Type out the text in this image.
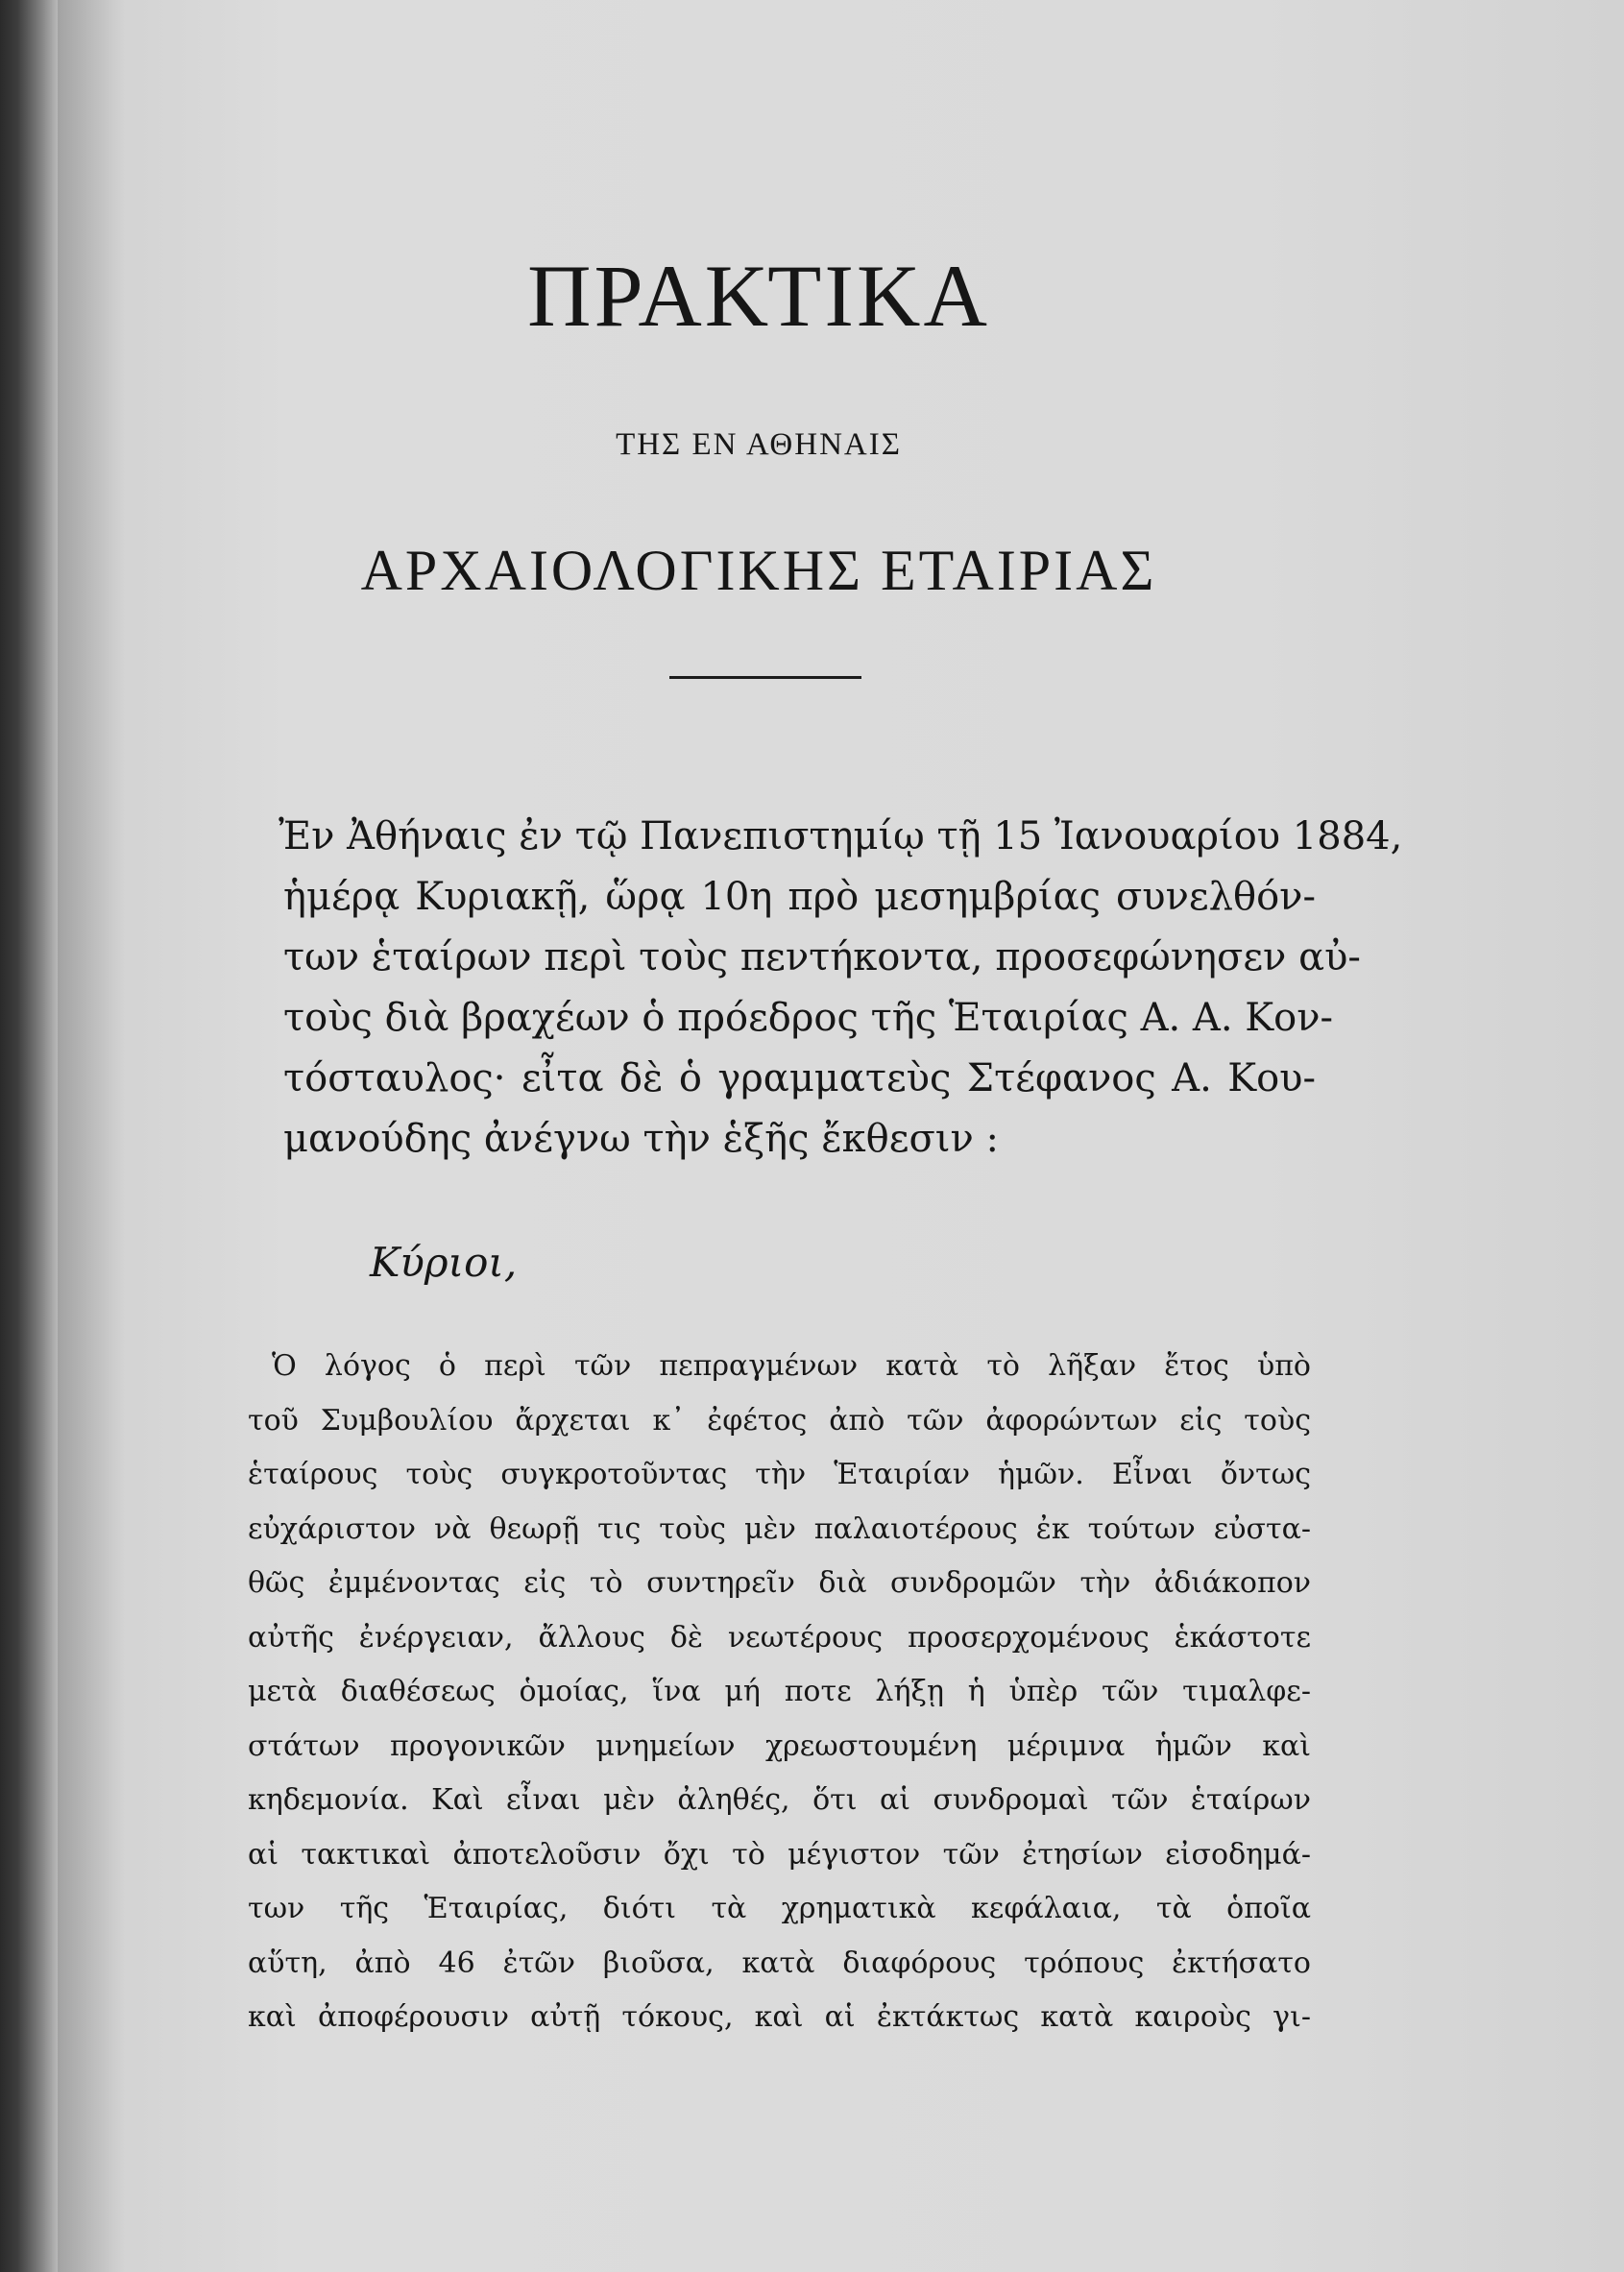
ΠΡΑΚΤΙΚΑ
ΤΗΣ ΕΝ ΑΘΗΝΑΙΣ
ΑΡΧΑΙΟΛΟΓΙΚΗΣ ΕΤΑΙΡΙΑΣ
Ἐν Ἀθήναις ἐν τῷ Πανεπιστημίῳ τῇ 15 Ἰανουαρίου 1884,
ἡμέρᾳ Κυριακῇ, ὥρᾳ 10η πρὸ μεσημβρίας συνελθόν-
των ἑταίρων περὶ τοὺς πεντήκοντα, προσεφώνησεν αὐ-
τοὺς διὰ βραχέων ὁ πρόεδρος τῆς Ἑταιρίας Α. Α. Κον-
τόσταυλος· εἶτα δὲ ὁ γραμματεὺς Στέφανος Α. Κου-
μανούδης ἀνέγνω τὴν ἑξῆς ἔκθεσιν :
Κύριοι,
Ὁ λόγος ὁ περὶ τῶν πεπραγμένων κατὰ τὸ λῆξαν ἔτος ὑπὸ
τοῦ Συμβουλίου ἄρχεται κ᾿ ἐφέτος ἀπὸ τῶν ἀφορώντων εἰς τοὺς
ἑταίρους τοὺς συγκροτοῦντας τὴν Ἑταιρίαν ἡμῶν. Εἶναι ὄντως
εὐχάριστον νὰ θεωρῇ τις τοὺς μὲν παλαιοτέρους ἐκ τούτων εὐστα-
θῶς ἐμμένοντας εἰς τὸ συντηρεῖν διὰ συνδρομῶν τὴν ἀδιάκοπον
αὐτῆς ἐνέργειαν, ἄλλους δὲ νεωτέρους προσερχομένους ἑκάστοτε
μετὰ διαθέσεως ὁμοίας, ἵνα μή ποτε λήξῃ ἡ ὑπὲρ τῶν τιμαλφε-
στάτων προγονικῶν μνημείων χρεωστουμένη μέριμνα ἡμῶν καὶ
κηδεμονία. Καὶ εἶναι μὲν ἀληθές, ὅτι αἱ συνδρομαὶ τῶν ἑταίρων
αἱ τακτικαὶ ἀποτελοῦσιν ὄχι τὸ μέγιστον τῶν ἐτησίων εἰσοδημά-
των τῆς Ἑταιρίας, διότι τὰ χρηματικὰ κεφάλαια, τὰ ὁποῖα
αὕτη, ἀπὸ 46 ἐτῶν βιοῦσα, κατὰ διαφόρους τρόπους ἐκτήσατο
καὶ ἀποφέρουσιν αὐτῇ τόκους, καὶ αἱ ἐκτάκτως κατὰ καιροὺς γι-
